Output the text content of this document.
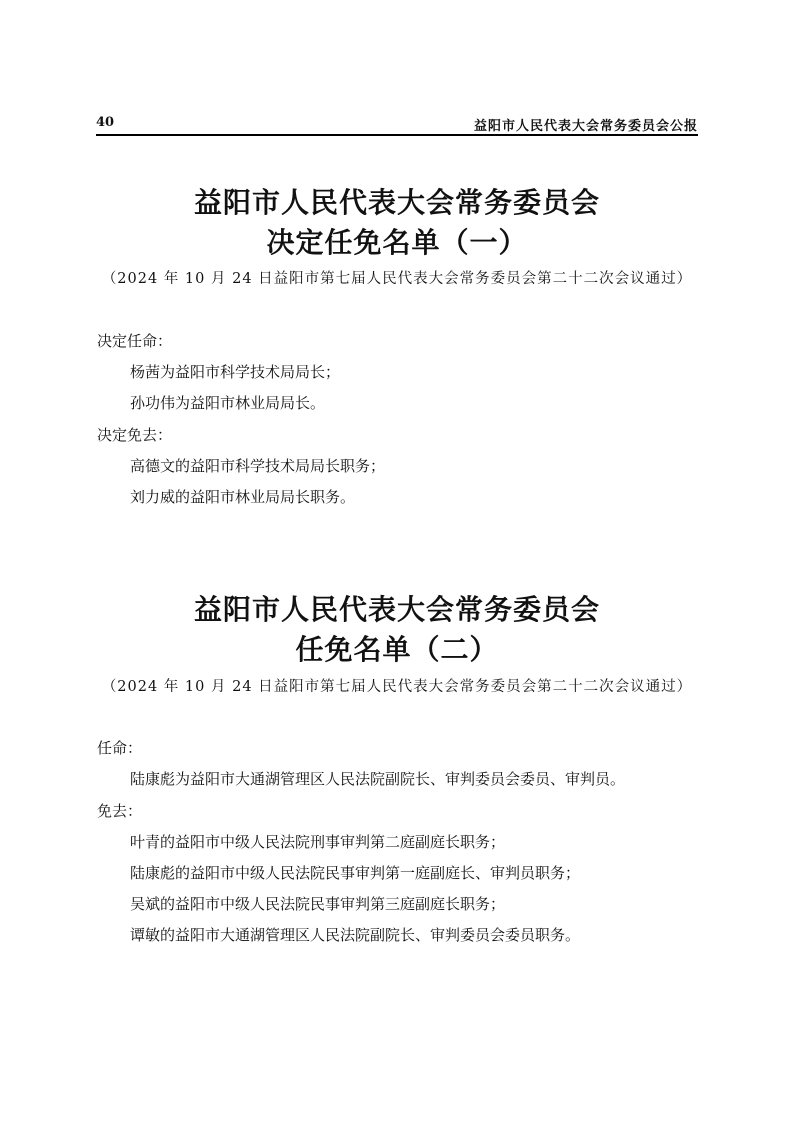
40	益阳市人民代表大会常务委员会公报
益阳市人民代表大会常务委员会
决定任免名单（一）
（2024 年 10 月 24 日益阳市第七届人民代表大会常务委员会第二十二次会议通过）
决定任命：
杨茜为益阳市科学技术局局长；
孙功伟为益阳市林业局局长。
决定免去：
高德文的益阳市科学技术局局长职务；
刘力威的益阳市林业局局长职务。
益阳市人民代表大会常务委员会
任免名单（二）
（2024 年 10 月 24 日益阳市第七届人民代表大会常务委员会第二十二次会议通过）
任命：
陆康彪为益阳市大通湖管理区人民法院副院长、审判委员会委员、审判员。
免去：
叶青的益阳市中级人民法院刑事审判第二庭副庭长职务；
陆康彪的益阳市中级人民法院民事审判第一庭副庭长、审判员职务；
吴斌的益阳市中级人民法院民事审判第三庭副庭长职务；
谭敏的益阳市大通湖管理区人民法院副院长、审判委员会委员职务。
